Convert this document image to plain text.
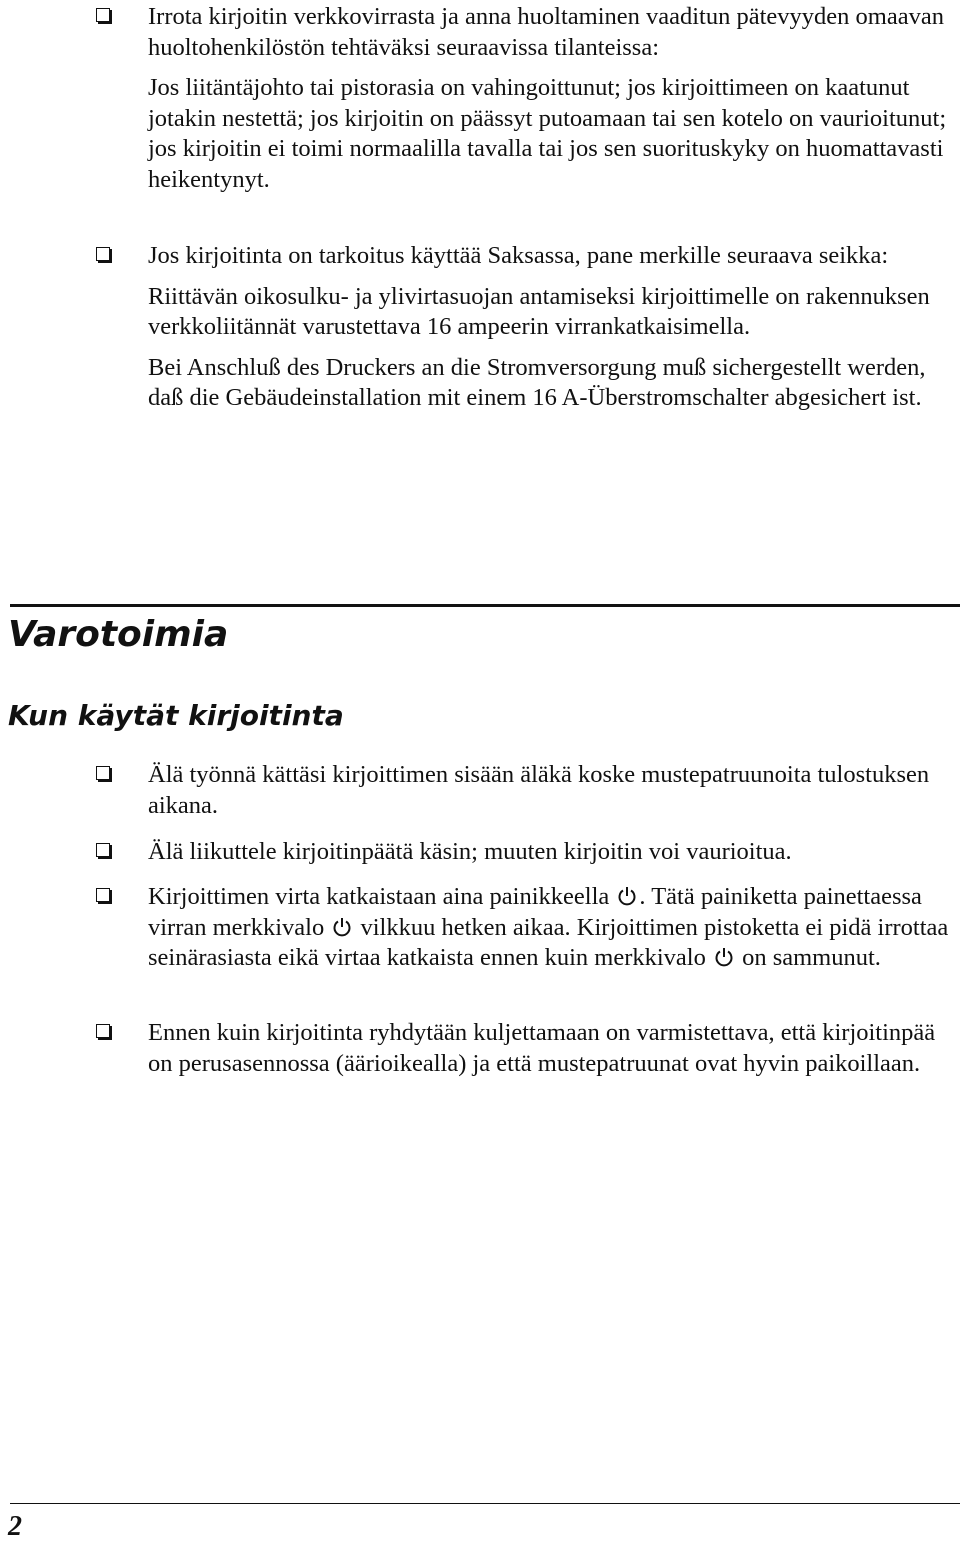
Irrota kirjoitin verkkovirrasta ja anna huoltaminen vaaditun pätevyyden omaavan huoltohenkilöstön tehtäväksi seuraavissa tilanteissa:

Jos liitäntäjohto tai pistorasia on vahingoittunut; jos kirjoittimeen on kaatunut jotakin nestettä; jos kirjoitin on päässyt putoamaan tai sen kotelo on vaurioitunut; jos kirjoitin ei toimi normaalilla tavalla tai jos sen suorituskyky on huomattavasti heikentynyt.

Jos kirjoitinta on tarkoitus käyttää Saksassa, pane merkille seuraava seikka:

Riittävän oikosulku- ja ylivirtasuojan antamiseksi kirjoittimelle on rakennuksen verkkoliitännät varustettava 16 ampeerin virrankatkaisimella.

Bei Anschluß des Druckers an die Stromversorgung muß sichergestellt werden, daß die Gebäudeinstallation mit einem 16 A-Überstromschalter abgesichert ist.

Varotoimia
Kun käytät kirjoitinta

Älä työnnä kättäsi kirjoittimen sisään äläkä koske mustepatruunoita tulostuksen aikana.

Älä liikuttele kirjoitinpäätä käsin; muuten kirjoitin voi vaurioitua.

Kirjoittimen virta katkaistaan aina painikkeella . Tätä painiketta painettaessa virran merkkivalo vilkkuu hetken aikaa. Kirjoittimen pistoketta ei pidä irrottaa seinärasiasta eikä virtaa katkaista ennen kuin merkkivalo on sammunut.

Ennen kuin kirjoitinta ryhdytään kuljettamaan on varmistettava, että kirjoitinpää on perusasennossa (äärioikealla) ja että mustepatruunat ovat hyvin paikoillaan.

2
